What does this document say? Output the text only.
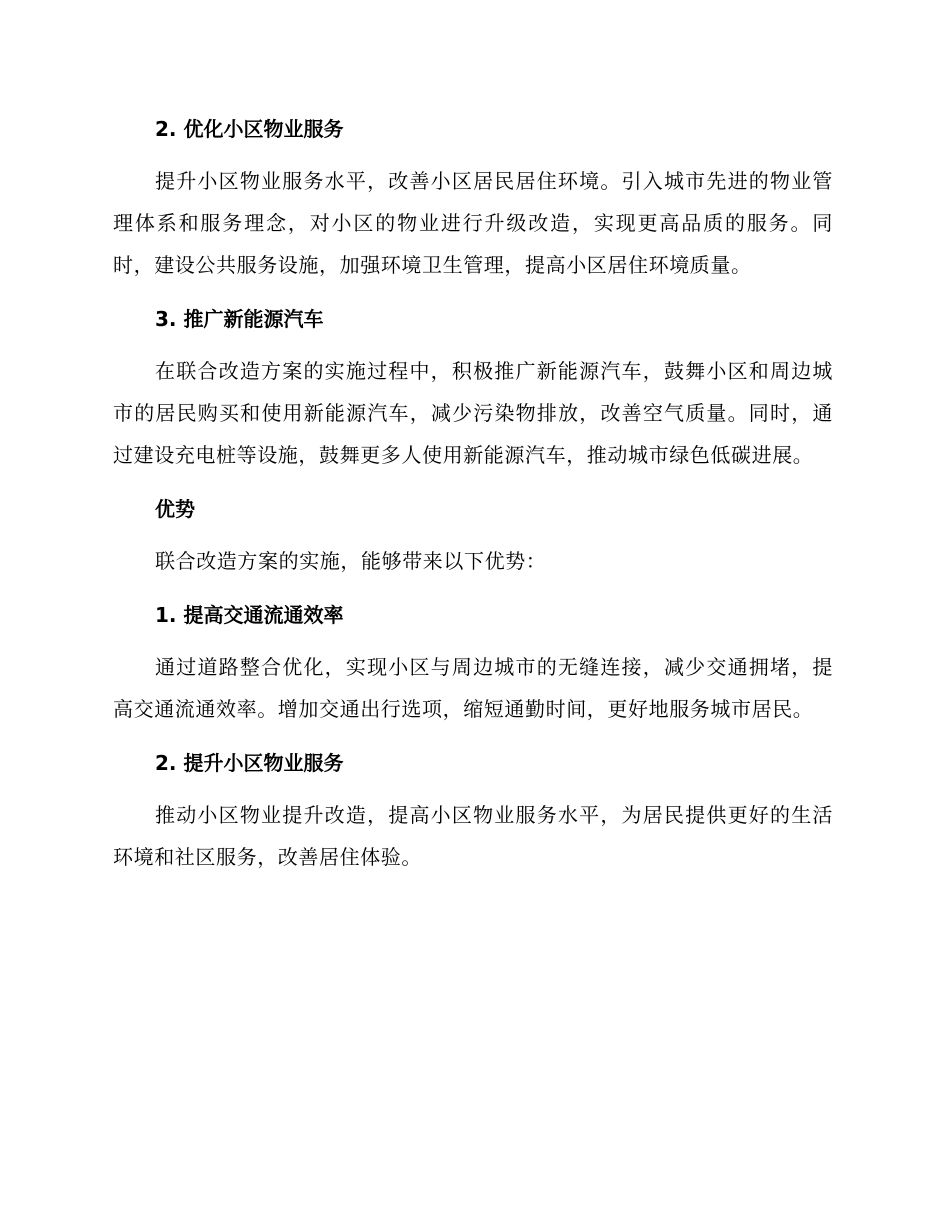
2. 优化小区物业服务

提升小区物业服务水平，改善小区居民居住环境。引入城市先进的物业管理体系和服务理念，对小区的物业进行升级改造，实现更高品质的服务。同时，建设公共服务设施，加强环境卫生管理，提高小区居住环境质量。

3. 推广新能源汽车

在联合改造方案的实施过程中，积极推广新能源汽车，鼓舞小区和周边城市的居民购买和使用新能源汽车，减少污染物排放，改善空气质量。同时，通过建设充电桩等设施，鼓舞更多人使用新能源汽车，推动城市绿色低碳进展。

优势

联合改造方案的实施，能够带来以下优势：

1. 提高交通流通效率

通过道路整合优化，实现小区与周边城市的无缝连接，减少交通拥堵，提高交通流通效率。增加交通出行选项，缩短通勤时间，更好地服务城市居民。

2. 提升小区物业服务

推动小区物业提升改造，提高小区物业服务水平，为居民提供更好的生活环境和社区服务，改善居住体验。
